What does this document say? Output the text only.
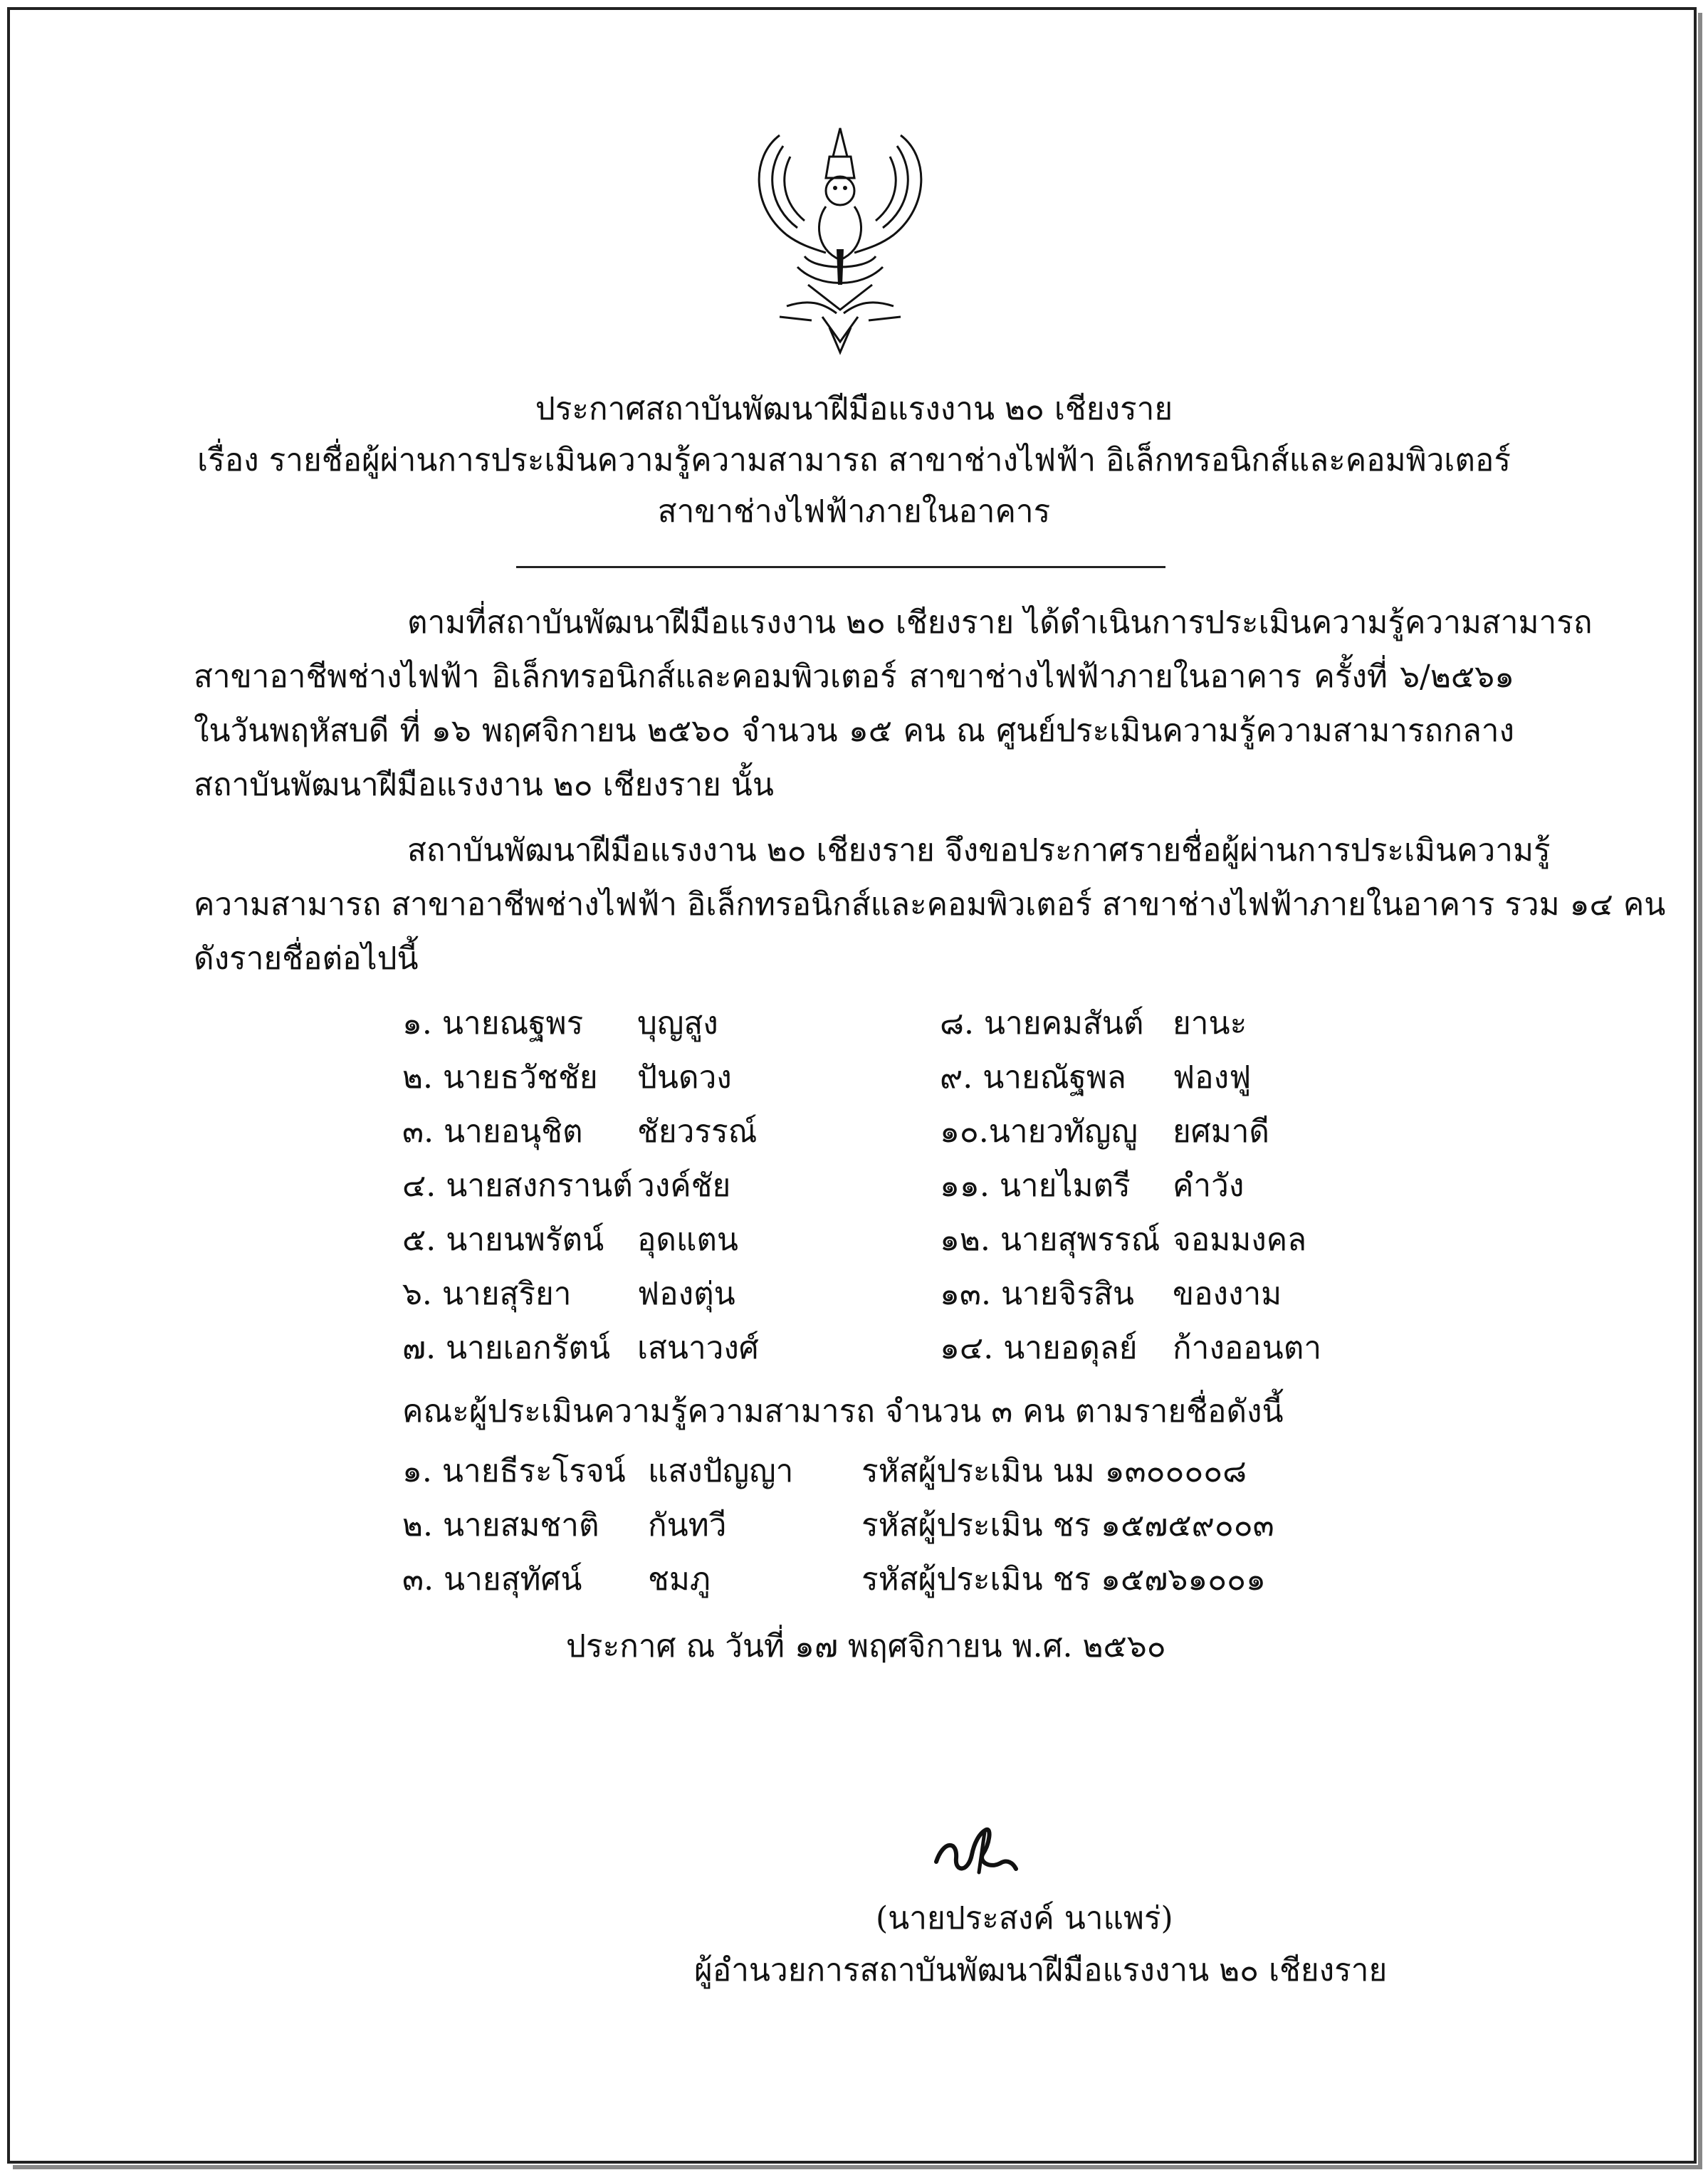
ประกาศสถาบันพัฒนาฝีมือแรงงาน ๒๐ เชียงราย
เรื่อง รายชื่อผู้ผ่านการประเมินความรู้ความสามารถ สาขาช่างไฟฟ้า อิเล็กทรอนิกส์และคอมพิวเตอร์
สาขาช่างไฟฟ้าภายในอาคาร
ตามที่สถาบันพัฒนาฝีมือแรงงาน ๒๐ เชียงราย ได้ดำเนินการประเมินความรู้ความสามารถ
สาขาอาชีพช่างไฟฟ้า อิเล็กทรอนิกส์และคอมพิวเตอร์ สาขาช่างไฟฟ้าภายในอาคาร ครั้งที่ ๖/๒๕๖๑
ในวันพฤหัสบดี ที่ ๑๖ พฤศจิกายน ๒๕๖๐ จำนวน ๑๕ คน ณ ศูนย์ประเมินความรู้ความสามารถกลาง
สถาบันพัฒนาฝีมือแรงงาน ๒๐ เชียงราย นั้น
สถาบันพัฒนาฝีมือแรงงาน ๒๐ เชียงราย จึงขอประกาศรายชื่อผู้ผ่านการประเมินความรู้
ความสามารถ สาขาอาชีพช่างไฟฟ้า อิเล็กทรอนิกส์และคอมพิวเตอร์ สาขาช่างไฟฟ้าภายในอาคาร รวม ๑๔ คน
ดังรายชื่อต่อไปนี้
๑. นายณฐพร บุญสูง
๒. นายธวัชชัย ปันดวง
๓. นายอนุชิต ชัยวรรณ์
๔. นายสงกรานต์ วงค์ชัย
๕. นายนพรัตน์ อุดแตน
๖. นายสุริยา ฟองตุ่น
๗. นายเอกรัตน์ เสนาวงศ์
๘. นายคมสันต์ ยานะ
๙. นายณัฐพล ฟองฟู
๑๐.นายวทัญญู ยศมาดี
๑๑. นายไมตรี คำวัง
๑๒. นายสุพรรณ์ จอมมงคล
๑๓. นายจิรสิน ของงาม
๑๔. นายอดุลย์ ก้างออนตา
คณะผู้ประเมินความรู้ความสามารถ จำนวน ๓ คน ตามรายชื่อดังนี้
๑. นายธีระโรจน์ แสงปัญญา รหัสผู้ประเมิน นม ๑๓๐๐๐๐๘
๒. นายสมชาติ กันทวี	รหัสผู้ประเมิน ชร ๑๕๗๕๙๐๐๓
๓. นายสุทัศน์ ชมภู	รหัสผู้ประเมิน ชร ๑๕๗๖๑๐๐๑
ประกาศ ณ วันที่ ๑๗ พฤศจิกายน พ.ศ. ๒๕๖๐
(นายประสงค์ นาแพร่)
ผู้อำนวยการสถาบันพัฒนาฝีมือแรงงาน ๒๐ เชียงราย
